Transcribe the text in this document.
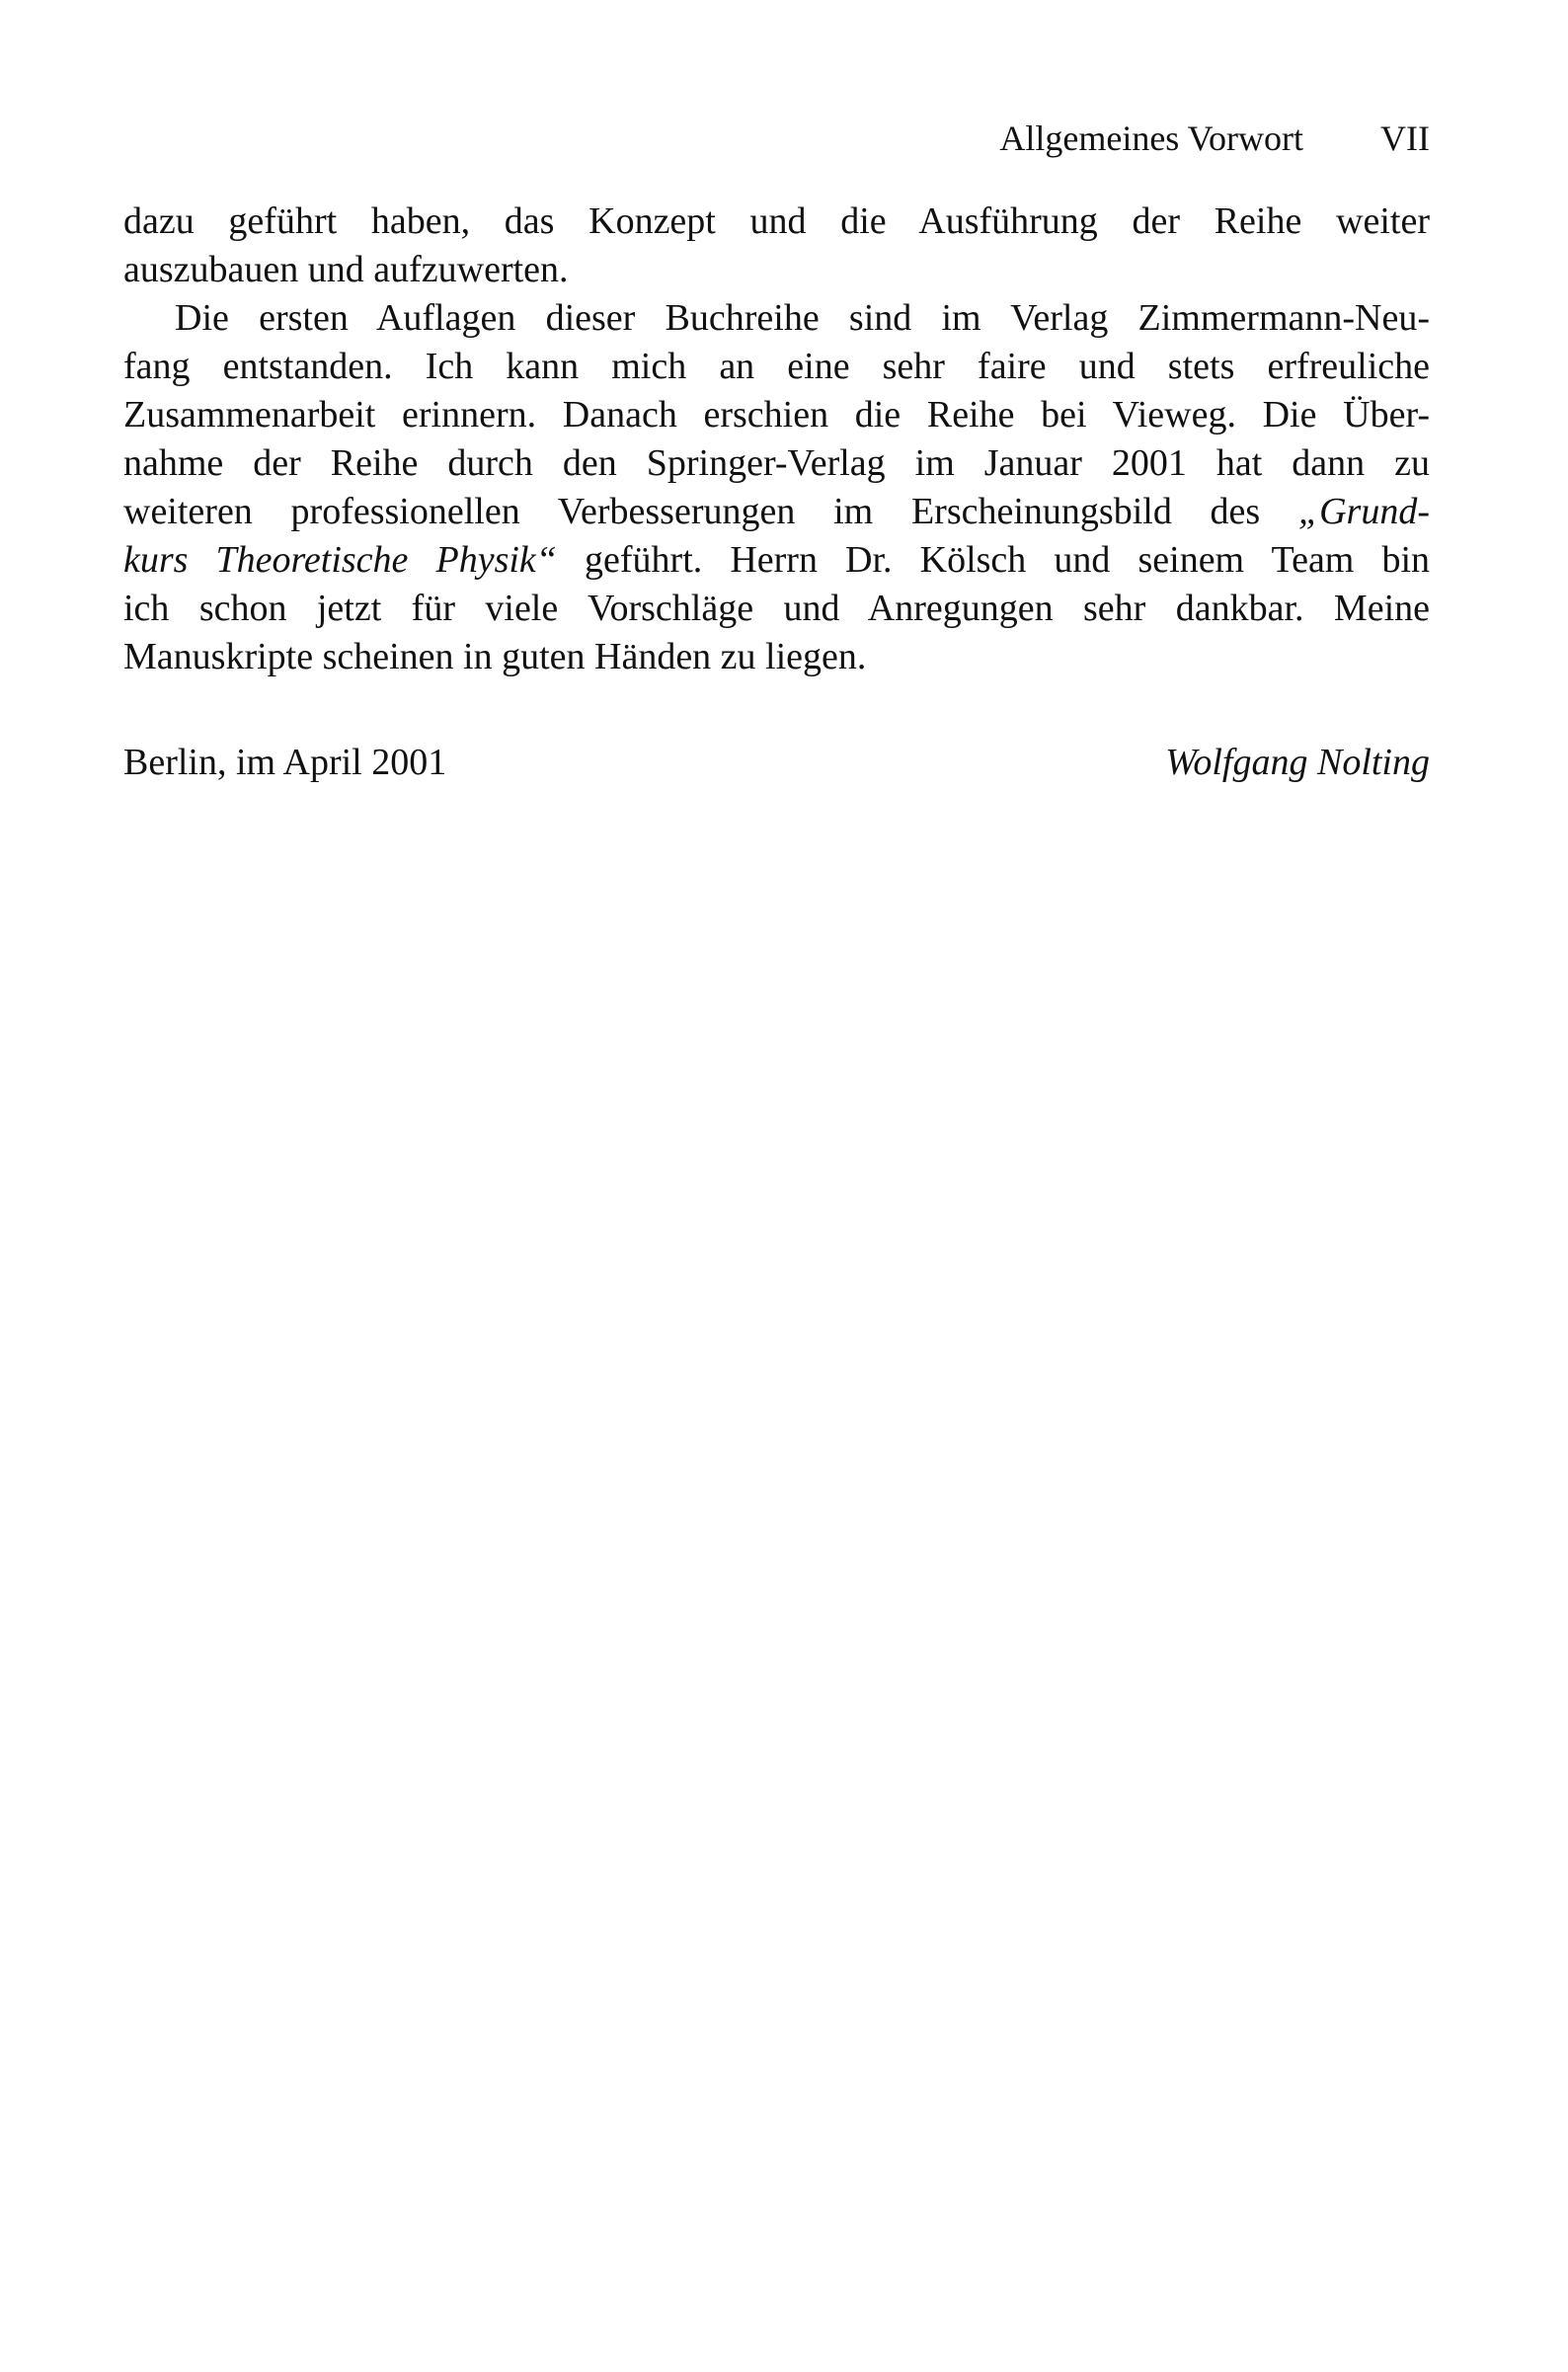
Allgemeines Vorwort VII
dazu geführt haben, das Konzept und die Ausführung der Reihe weiter
auszubauen und aufzuwerten.
Die ersten Auflagen dieser Buchreihe sind im Verlag Zimmermann-Neu-
fang entstanden. Ich kann mich an eine sehr faire und stets erfreuliche
Zusammenarbeit erinnern. Danach erschien die Reihe bei Vieweg. Die Über-
nahme der Reihe durch den Springer-Verlag im Januar 2001 hat dann zu
weiteren professionellen Verbesserungen im Erscheinungsbild des „Grund-
kurs Theoretische Physik“ geführt. Herrn Dr. Kölsch und seinem Team bin
ich schon jetzt für viele Vorschläge und Anregungen sehr dankbar. Meine
Manuskripte scheinen in guten Händen zu liegen.
Berlin, im April 2001	Wolfgang Nolting
